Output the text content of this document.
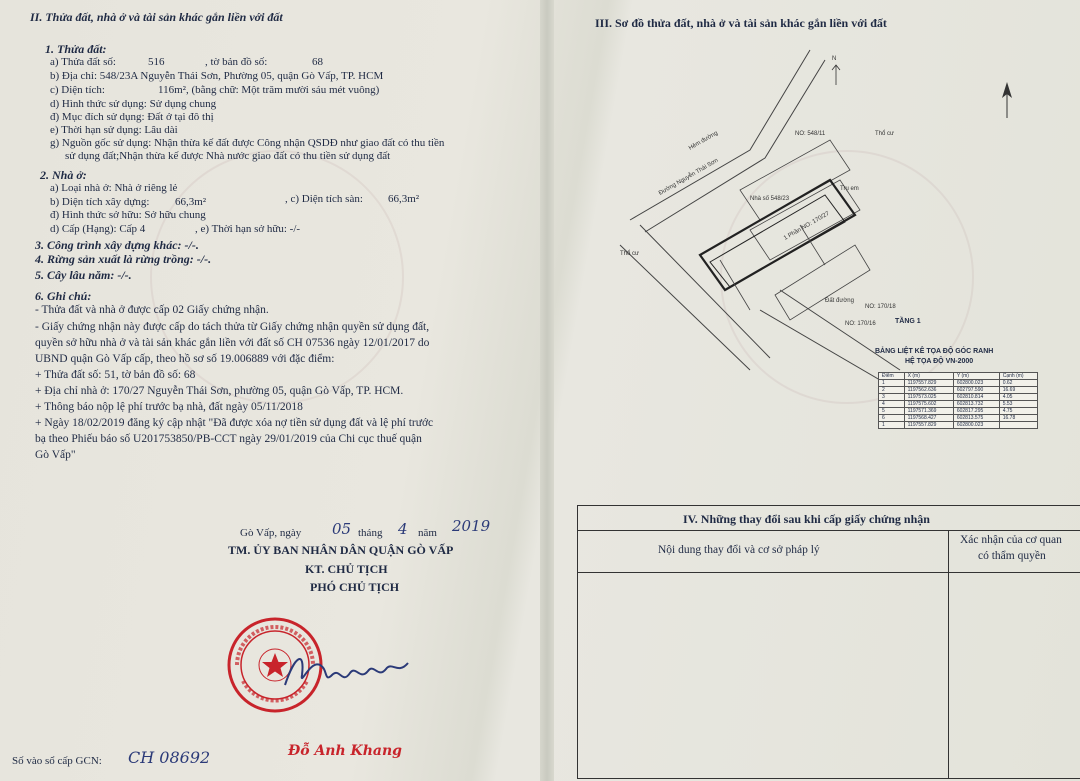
II. Thửa đất, nhà ở và tài sản khác gắn liền với đất
1. Thửa đất:
a) Thửa đất số:	516	, tờ bản đồ số:	68
b) Địa chỉ: 548/23A Nguyễn Thái Sơn, Phường 05, quận Gò Vấp, TP. HCM
c) Diện tích:	116m², (bằng chữ: Một trăm mười sáu mét vuông)
d) Hình thức sử dụng: Sử dụng chung
đ) Mục đích sử dụng: Đất ở tại đô thị
e) Thời hạn sử dụng: Lâu dài
g) Nguồn gốc sử dụng: Nhận thừa kế đất được Công nhận QSDĐ như giao đất có thu tiền
sử dụng đất;Nhận thừa kế được Nhà nước giao đất có thu tiền sử dụng đất
2. Nhà ở:
a) Loại nhà ở: Nhà ở riêng lẻ
b) Diện tích xây dựng: 66,3m²	, c) Diện tích sàn: 66,3m²
đ) Hình thức sở hữu: Sở hữu chung
d) Cấp (Hạng): Cấp 4	, e) Thời hạn sở hữu: -/-
3. Công trình xây dựng khác: -/-.
4. Rừng sản xuất là rừng trồng: -/-.
5. Cây lâu năm: -/-.
6. Ghi chú:
- Thửa đất và nhà ở được cấp 02 Giấy chứng nhận.
- Giấy chứng nhận này được cấp do tách thửa từ Giấy chứng nhận quyền sử dụng đất,
quyền sở hữu nhà ở và tài sản khác gắn liền với đất số CH 07536 ngày 12/01/2017 do
UBND quận Gò Vấp cấp, theo hồ sơ số 19.006889 với đặc điểm:
+ Thửa đất số: 51, tờ bản đồ số: 68
+ Địa chỉ nhà ở: 170/27 Nguyễn Thái Sơn, phường 05, quận Gò Vấp, TP. HCM.
+ Thông báo nộp lệ phí trước bạ nhà, đất ngày 05/11/2018
+ Ngày 18/02/2019 đăng ký cập nhật "Đã được xóa nợ tiền sử dụng đất và lệ phí trước
bạ theo Phiếu báo số U201753850/PB-CCT ngày 29/01/2019 của Chi cục thuế quận
Gò Vấp"
Gò Vấp, ngày 05 tháng 4 năm 2019
TM. ỦY BAN NHÂN DÂN QUẬN GÒ VẤP
KT. CHỦ TỊCH
PHÓ CHỦ TỊCH
Đỗ Anh Khang
Số vào sổ cấp GCN: CH 08692
III. Sơ đồ thửa đất, nhà ở và tài sản khác gắn liền với đất
1 Phần NO: 170/27
Đường Nguyễn Thái Sơn
Hẻm đường
Nhà số 548/23
Thổ cư
Thổ cư
Đất đường
NO: 548/11
NO: 170/18
NO: 170/16
Trụ em
N
TẦNG 1
BẢNG LIỆT KÊ TỌA ĐỘ GÓC RANH
HỆ TỌA ĐỘ VN-2000
Điểm	X (m)	Y (m)	Cạnh (m)
1	1197557.829	602800.023	0.62
2	1197562.636	602797.590	16.69
3	1197573.025	602810.814	4.05
4	1197575.602	602813.732	5.53
5	1197571.369	602817.295	4.75
6	1197568.427	602813.575	16.78
1	1197557.829	602800.023	
IV. Những thay đổi sau khi cấp giấy chứng nhận
Nội dung thay đổi và cơ sở pháp lý
Xác nhận của cơ quan
có thẩm quyền
